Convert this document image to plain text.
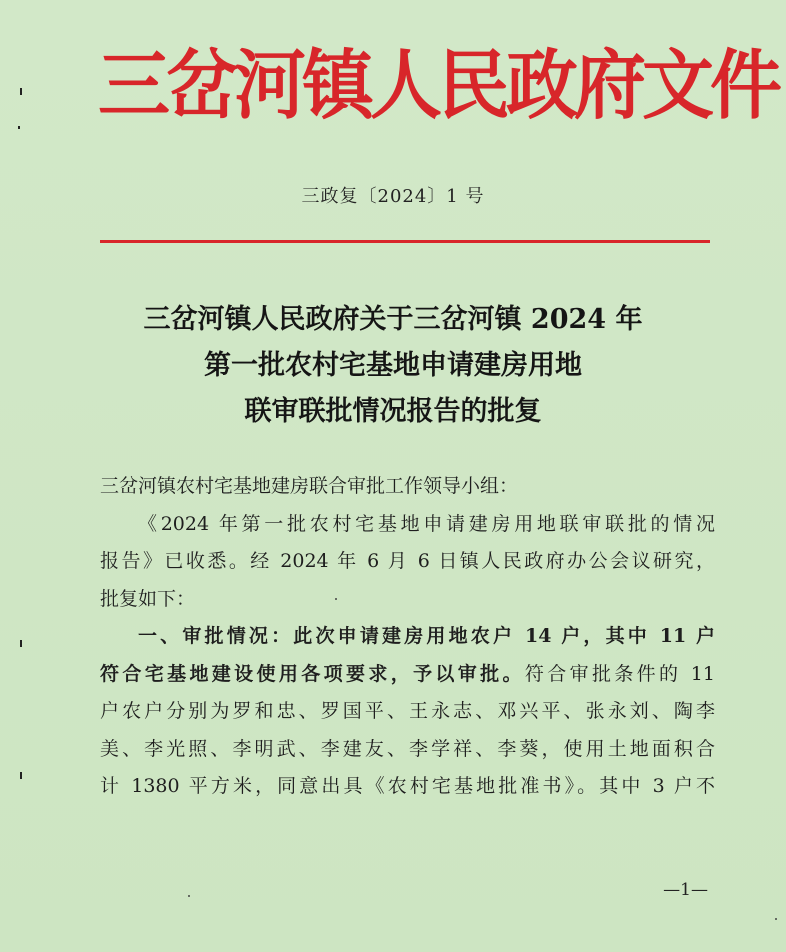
三岔河镇人民政府文件
三政复〔2024〕1 号
三岔河镇人民政府关于三岔河镇 2024 年
第一批农村宅基地申请建房用地
联审联批情况报告的批复
三岔河镇农村宅基地建房联合审批工作领导小组：
《2024 年第一批农村宅基地申请建房用地联审联批的情况
报告》已收悉。经 2024 年 6 月 6 日镇人民政府办公会议研究，
批复如下：
一、审批情况：此次申请建房用地农户 14 户，其中 11 户
符合宅基地建设使用各项要求，予以审批。符合审批条件的 11
户农户分别为罗和忠、罗国平、王永志、邓兴平、张永刘、陶李
美、李光照、李明武、李建友、李学祥、李葵，使用土地面积合
计 1380 平方米，同意出具《农村宅基地批准书》。其中 3 户不
—1—
